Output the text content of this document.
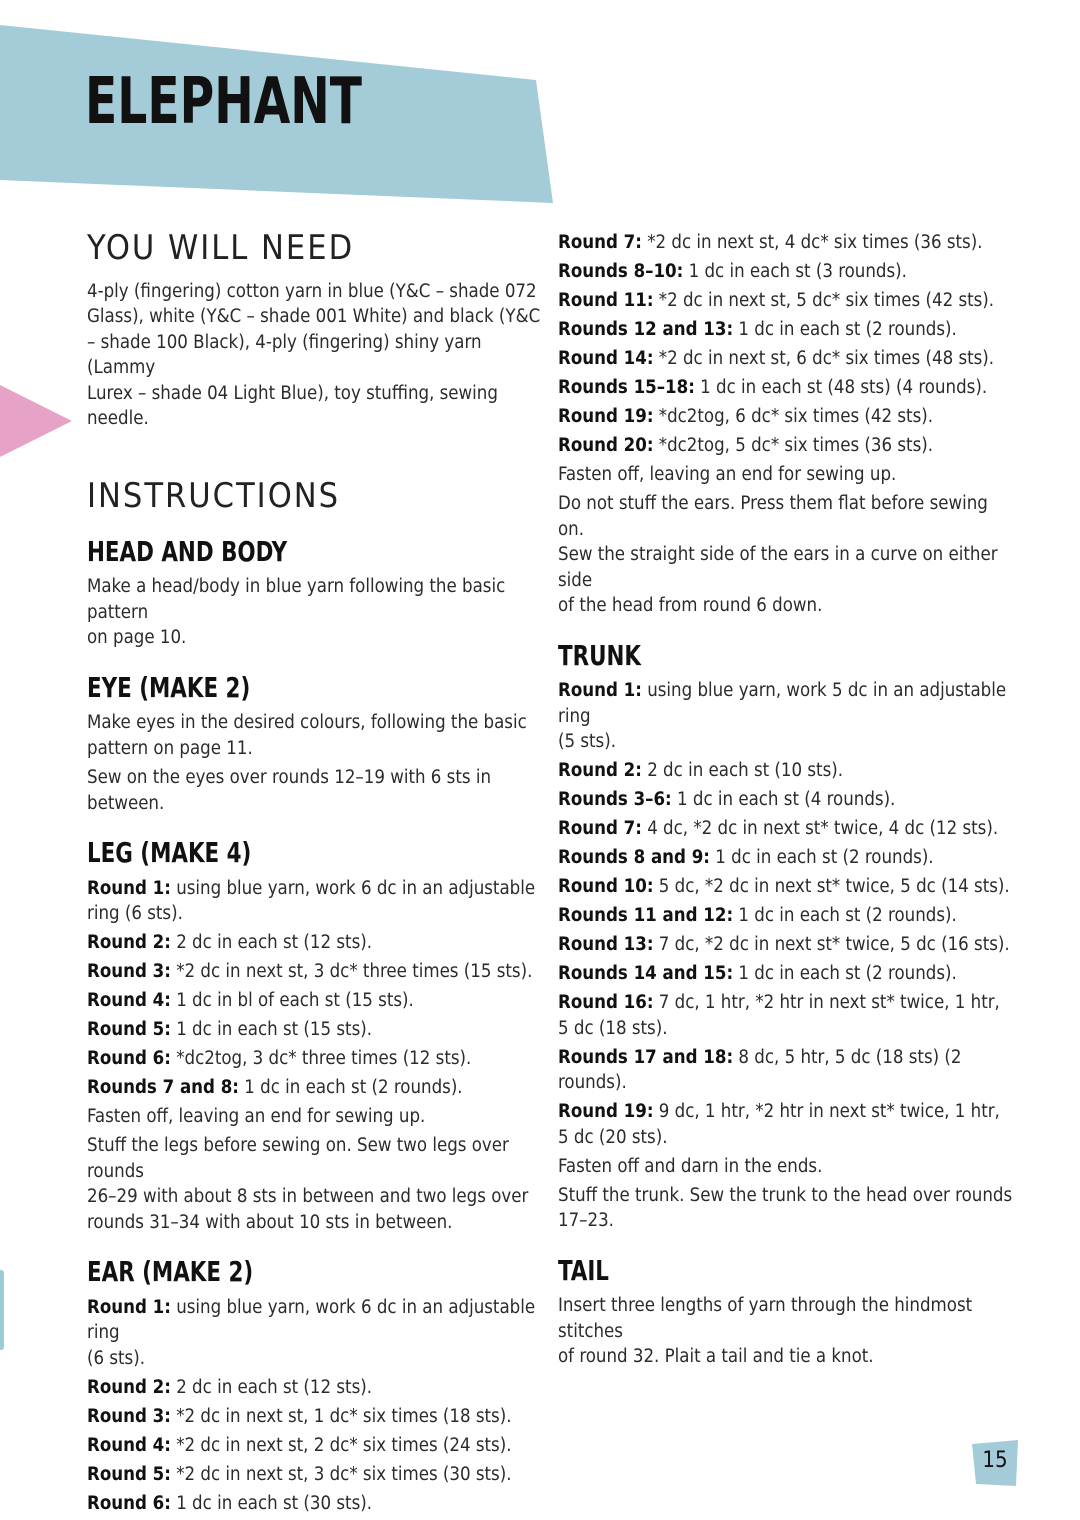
ELEPHANT
YOU WILL NEED
4-ply (fingering) cotton yarn in blue (Y&C – shade 072
Glass), white (Y&C – shade 001 White) and black (Y&C
– shade 100 Black), 4-ply (fingering) shiny yarn (Lammy
Lurex – shade 04 Light Blue), toy stuffing, sewing needle.
INSTRUCTIONS
HEAD AND BODY
Make a head/body in blue yarn following the basic pattern
on page 10.
EYE (MAKE 2)
Make eyes in the desired colours, following the basic
pattern on page 11.
Sew on the eyes over rounds 12–19 with 6 sts in between.
LEG (MAKE 4)
Round 1: using blue yarn, work 6 dc in an adjustable
ring (6 sts).
Round 2: 2 dc in each st (12 sts).
Round 3: *2 dc in next st, 3 dc* three times (15 sts).
Round 4: 1 dc in bl of each st (15 sts).
Round 5: 1 dc in each st (15 sts).
Round 6: *dc2tog, 3 dc* three times (12 sts).
Rounds 7 and 8: 1 dc in each st (2 rounds).
Fasten off, leaving an end for sewing up.
Stuff the legs before sewing on. Sew two legs over rounds
26–29 with about 8 sts in between and two legs over
rounds 31–34 with about 10 sts in between.
EAR (MAKE 2)
Round 1: using blue yarn, work 6 dc in an adjustable ring
(6 sts).
Round 2: 2 dc in each st (12 sts).
Round 3: *2 dc in next st, 1 dc* six times (18 sts).
Round 4: *2 dc in next st, 2 dc* six times (24 sts).
Round 5: *2 dc in next st, 3 dc* six times (30 sts).
Round 6: 1 dc in each st (30 sts).
Round 7: *2 dc in next st, 4 dc* six times (36 sts).
Rounds 8–10: 1 dc in each st (3 rounds).
Round 11: *2 dc in next st, 5 dc* six times (42 sts).
Rounds 12 and 13: 1 dc in each st (2 rounds).
Round 14: *2 dc in next st, 6 dc* six times (48 sts).
Rounds 15–18: 1 dc in each st (48 sts) (4 rounds).
Round 19: *dc2tog, 6 dc* six times (42 sts).
Round 20: *dc2tog, 5 dc* six times (36 sts).
Fasten off, leaving an end for sewing up.
Do not stuff the ears. Press them flat before sewing on.
Sew the straight side of the ears in a curve on either side
of the head from round 6 down.
TRUNK
Round 1: using blue yarn, work 5 dc in an adjustable ring
(5 sts).
Round 2: 2 dc in each st (10 sts).
Rounds 3–6: 1 dc in each st (4 rounds).
Round 7: 4 dc, *2 dc in next st* twice, 4 dc (12 sts).
Rounds 8 and 9: 1 dc in each st (2 rounds).
Round 10: 5 dc, *2 dc in next st* twice, 5 dc (14 sts).
Rounds 11 and 12: 1 dc in each st (2 rounds).
Round 13: 7 dc, *2 dc in next st* twice, 5 dc (16 sts).
Rounds 14 and 15: 1 dc in each st (2 rounds).
Round 16: 7 dc, 1 htr, *2 htr in next st* twice, 1 htr,
5 dc (18 sts).
Rounds 17 and 18: 8 dc, 5 htr, 5 dc (18 sts) (2 rounds).
Round 19: 9 dc, 1 htr, *2 htr in next st* twice, 1 htr,
5 dc (20 sts).
Fasten off and darn in the ends.
Stuff the trunk. Sew the trunk to the head over rounds
17–23.
TAIL
Insert three lengths of yarn through the hindmost stitches
of round 32. Plait a tail and tie a knot.
15
